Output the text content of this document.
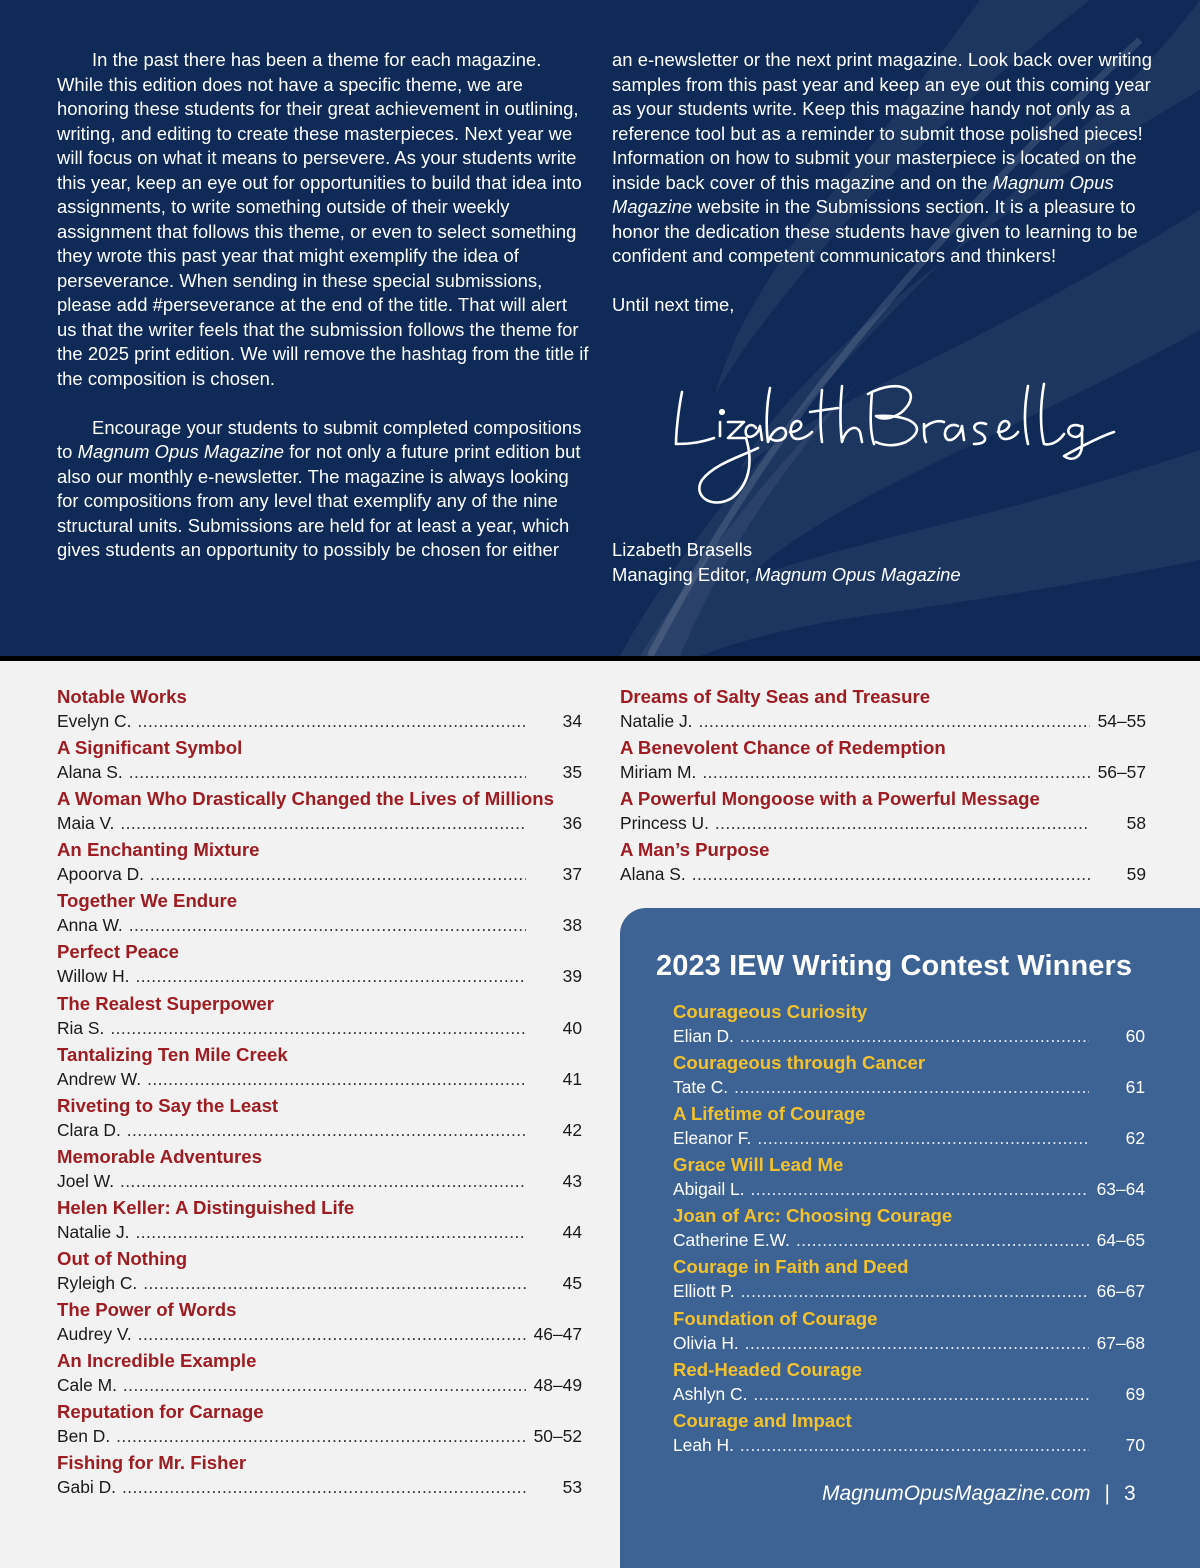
In the past there has been a theme for each magazine. While this edition does not have a specific theme, we are honoring these students for their great achievement in outlining, writing, and editing to create these masterpieces. Next year we will focus on what it means to persevere. As your students write this year, keep an eye out for opportunities to build that idea into assignments, to write something outside of their weekly assignment that follows this theme, or even to select something they wrote this past year that might exemplify the idea of perseverance. When sending in these special submissions, please add #perseverance at the end of the title. That will alert us that the writer feels that the submission follows the theme for the 2025 print edition. We will remove the hashtag from the title if the composition is chosen.

Encourage your students to submit completed compositions to Magnum Opus Magazine for not only a future print edition but also our monthly e-newsletter. The magazine is always looking for compositions from any level that exemplify any of the nine structural units. Submissions are held for at least a year, which gives students an opportunity to possibly be chosen for either

an e-newsletter or the next print magazine. Look back over writing samples from this past year and keep an eye out this coming year as your students write. Keep this magazine handy not only as a reference tool but as a reminder to submit those polished pieces! Information on how to submit your masterpiece is located on the inside back cover of this magazine and on the Magnum Opus Magazine website in the Submissions section. It is a pleasure to honor the dedication these students have given to learning to be confident and competent communicators and thinkers!

Until next time,

Lizabeth Brasells
Managing Editor, Magnum Opus Magazine
Notable Works
Evelyn C. . . .	34
A Significant Symbol
Alana S. . . .	35
A Woman Who Drastically Changed the Lives of Millions
Maia V. . . .	36
An Enchanting Mixture
Apoorva D. . . .	37
Together We Endure
Anna W. . . .	38
Perfect Peace
Willow H. . . .	39
The Realest Superpower
Ria S. . . .	40
Tantalizing Ten Mile Creek
Andrew W. . . .	41
Riveting to Say the Least
Clara D. . . .	42
Memorable Adventures
Joel W. . . .	43
Helen Keller: A Distinguished Life
Natalie J. . . .	44
Out of Nothing
Ryleigh C. . . .	45
The Power of Words
Audrey V. . . .	46–47
An Incredible Example
Cale M. . . .	48–49
Reputation for Carnage
Ben D. . . .	50–52
Fishing for Mr. Fisher
Gabi D. . . .	53
Dreams of Salty Seas and Treasure
Natalie J. . . .	54–55
A Benevolent Chance of Redemption
Miriam M. . . .	56–57
A Powerful Mongoose with a Powerful Message
Princess U. . . .	58
A Man’s Purpose
Alana S. . . .	59
2023 IEW Writing Contest Winners
Courageous Curiosity
Elian D. . . .	60
Courageous through Cancer
Tate C. . . .	61
A Lifetime of Courage
Eleanor F. . . .	62
Grace Will Lead Me
Abigail L. . . .	63–64
Joan of Arc: Choosing Courage
Catherine E.W. . . .	64–65
Courage in Faith and Deed
Elliott P. . . .	66–67
Foundation of Courage
Olivia H. . . .	67–68
Red-Headed Courage
Ashlyn C. . . .	69
Courage and Impact
Leah H. . . .	70
MagnumOpusMagazine.com | 3
